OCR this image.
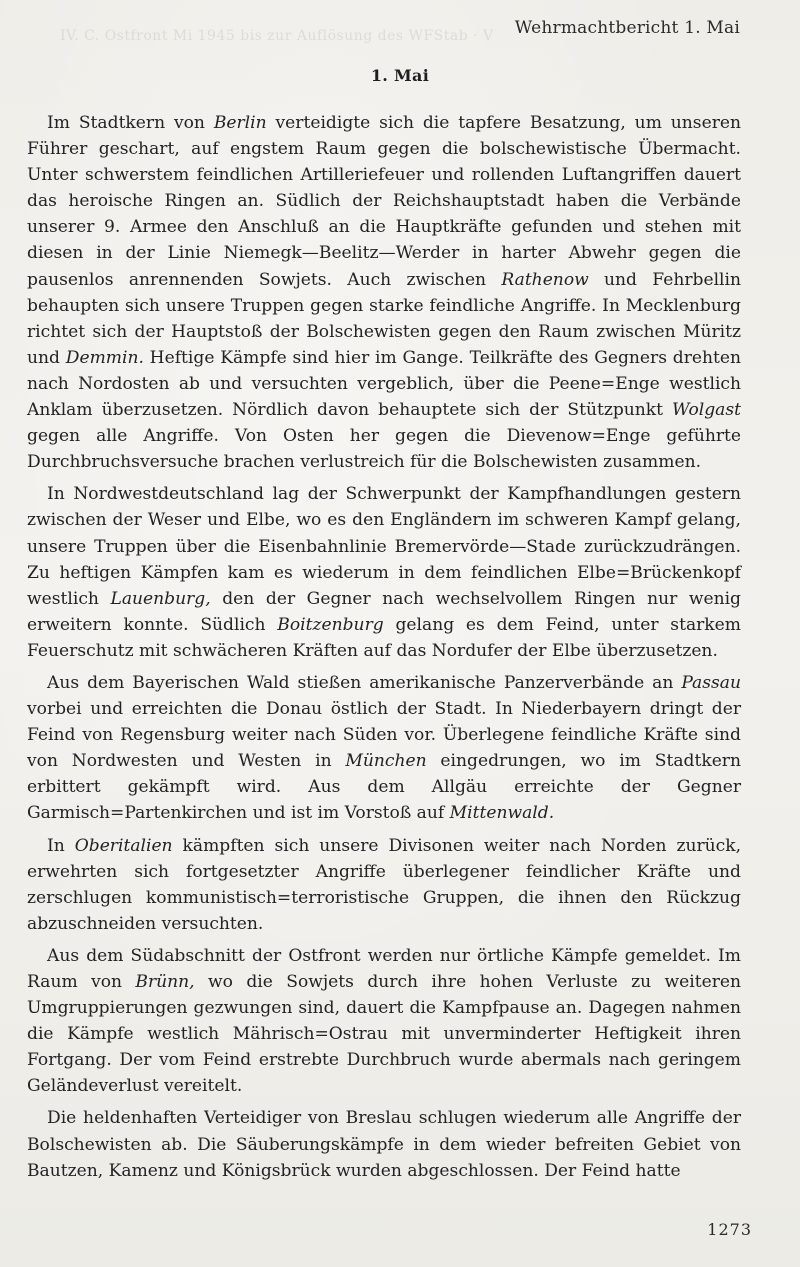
IV. C. Ostfront Mi 1945 bis zur Auflösung des WFStab · V Wehrmachtbericht 1. Mai
1. Mai

Im Stadtkern von Berlin verteidigte sich die tapfere Besatzung, um unseren Führer geschart, auf engstem Raum gegen die bolschewistische Übermacht. Unter schwerstem feindlichen Artilleriefeuer und rollenden Luftangriffen dauert das heroische Ringen an. Südlich der Reichshauptstadt haben die Verbände unserer 9. Armee den Anschluß an die Hauptkräfte gefunden und stehen mit diesen in der Linie Niemegk—Beelitz—Werder in harter Abwehr gegen die pausenlos anrennenden Sowjets. Auch zwischen Rathenow und Fehrbellin behaupten sich unsere Truppen gegen starke feindliche Angriffe. In Mecklenburg richtet sich der Hauptstoß der Bolschewisten gegen den Raum zwischen Müritz und Demmin. Heftige Kämpfe sind hier im Gange. Teilkräfte des Gegners drehten nach Nordosten ab und versuchten vergeblich, über die Peene=Enge westlich Anklam überzusetzen. Nördlich davon behauptete sich der Stützpunkt Wolgast gegen alle Angriffe. Von Osten her gegen die Dievenow=Enge geführte Durchbruchsversuche brachen verlustreich für die Bolschewisten zusammen.

In Nordwestdeutschland lag der Schwerpunkt der Kampfhandlungen gestern zwischen der Weser und Elbe, wo es den Engländern im schweren Kampf gelang, unsere Truppen über die Eisenbahnlinie Bremervörde—Stade zurückzudrängen. Zu heftigen Kämpfen kam es wiederum in dem feindlichen Elbe=Brückenkopf westlich Lauenburg, den der Gegner nach wechselvollem Ringen nur wenig erweitern konnte. Südlich Boitzenburg gelang es dem Feind, unter starkem Feuerschutz mit schwächeren Kräften auf das Nordufer der Elbe überzusetzen.

Aus dem Bayerischen Wald stießen amerikanische Panzerverbände an Passau vorbei und erreichten die Donau östlich der Stadt. In Niederbayern dringt der Feind von Regensburg weiter nach Süden vor. Überlegene feindliche Kräfte sind von Nordwesten und Westen in München eingedrungen, wo im Stadtkern erbittert gekämpft wird. Aus dem Allgäu erreichte der Gegner Garmisch=Partenkirchen und ist im Vorstoß auf Mittenwald.

In Oberitalien kämpften sich unsere Divisonen weiter nach Norden zurück, erwehrten sich fortgesetzter Angriffe überlegener feindlicher Kräfte und zerschlugen kommunistisch=terroristische Gruppen, die ihnen den Rückzug abzuschneiden versuchten.

Aus dem Südabschnitt der Ostfront werden nur örtliche Kämpfe gemeldet. Im Raum von Brünn, wo die Sowjets durch ihre hohen Verluste zu weiteren Umgruppierungen gezwungen sind, dauert die Kampfpause an. Dagegen nahmen die Kämpfe westlich Mährisch=Ostrau mit unverminderter Heftigkeit ihren Fortgang. Der vom Feind erstrebte Durchbruch wurde abermals nach geringem Geländeverlust vereitelt.

Die heldenhaften Verteidiger von Breslau schlugen wiederum alle Angriffe der Bolschewisten ab. Die Säuberungskämpfe in dem wieder befreiten Gebiet von Bautzen, Kamenz und Königsbrück wurden abgeschlossen. Der Feind hatte

1273
